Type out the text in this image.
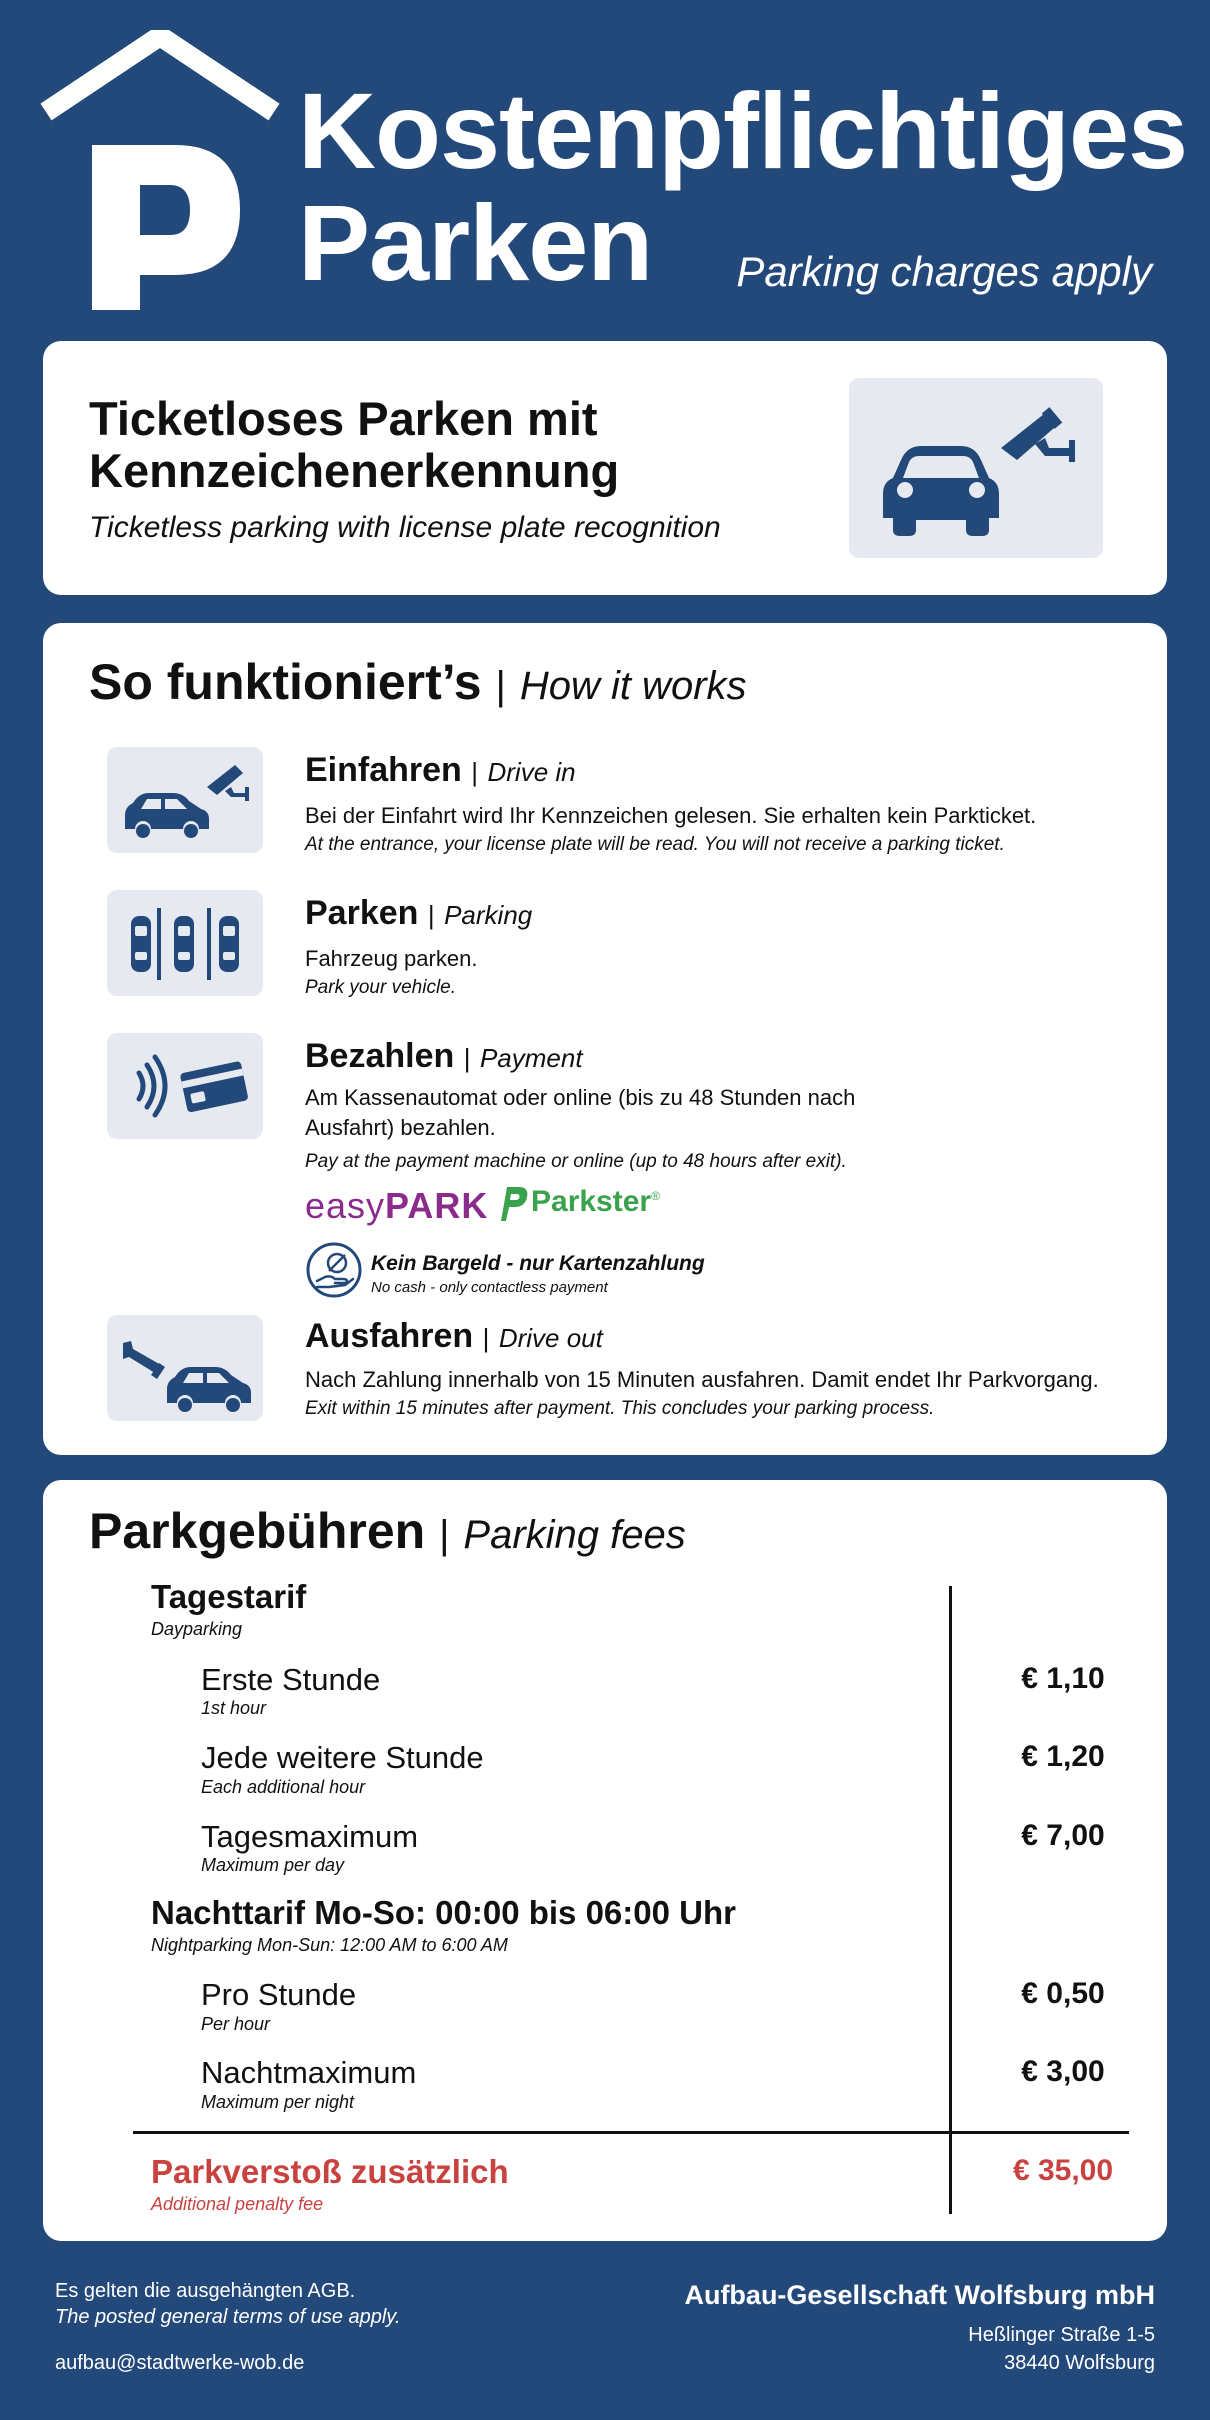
Kostenpflichtiges
Parken	Parking charges apply
Ticketloses Parken mit
Kennzeichenerkennung
Ticketless parking with license plate recognition
So funktioniert’s | How it works
Einfahren | Drive in
Bei der Einfahrt wird Ihr Kennzeichen gelesen. Sie erhalten kein Parkticket.
At the entrance, your license plate will be read. You will not receive a parking ticket.
Parken | Parking
Fahrzeug parken.
Park your vehicle.
Bezahlen | Payment
Am Kassenautomat oder online (bis zu 48 Stunden nach
Ausfahrt) bezahlen.
Pay at the payment machine or online (up to 48 hours after exit).
easyPARK	Parkster®
Kein Bargeld - nur Kartenzahlung
No cash - only contactless payment
Ausfahren | Drive out
Nach Zahlung innerhalb von 15 Minuten ausfahren. Damit endet Ihr Parkvorgang.
Exit within 15 minutes after payment. This concludes your parking process.
Parkgebühren | Parking fees
Tagestarif
Dayparking
Erste Stunde
1st hour
€ 1,10
Jede weitere Stunde
Each additional hour
€ 1,20
Tagesmaximum
Maximum per day
€ 7,00
Nachttarif Mo-So: 00:00 bis 06:00 Uhr
Nightparking Mon-Sun: 12:00 AM to 6:00 AM
Pro Stunde
Per hour
€ 0,50
Nachtmaximum
Maximum per night
€ 3,00
Parkverstoß zusätzlich
Additional penalty fee
€ 35,00
Es gelten die ausgehängten AGB.
The posted general terms of use apply.
aufbau@stadtwerke-wob.de
Aufbau-Gesellschaft Wolfsburg mbH
Heßlinger Straße 1-5
38440 Wolfsburg
